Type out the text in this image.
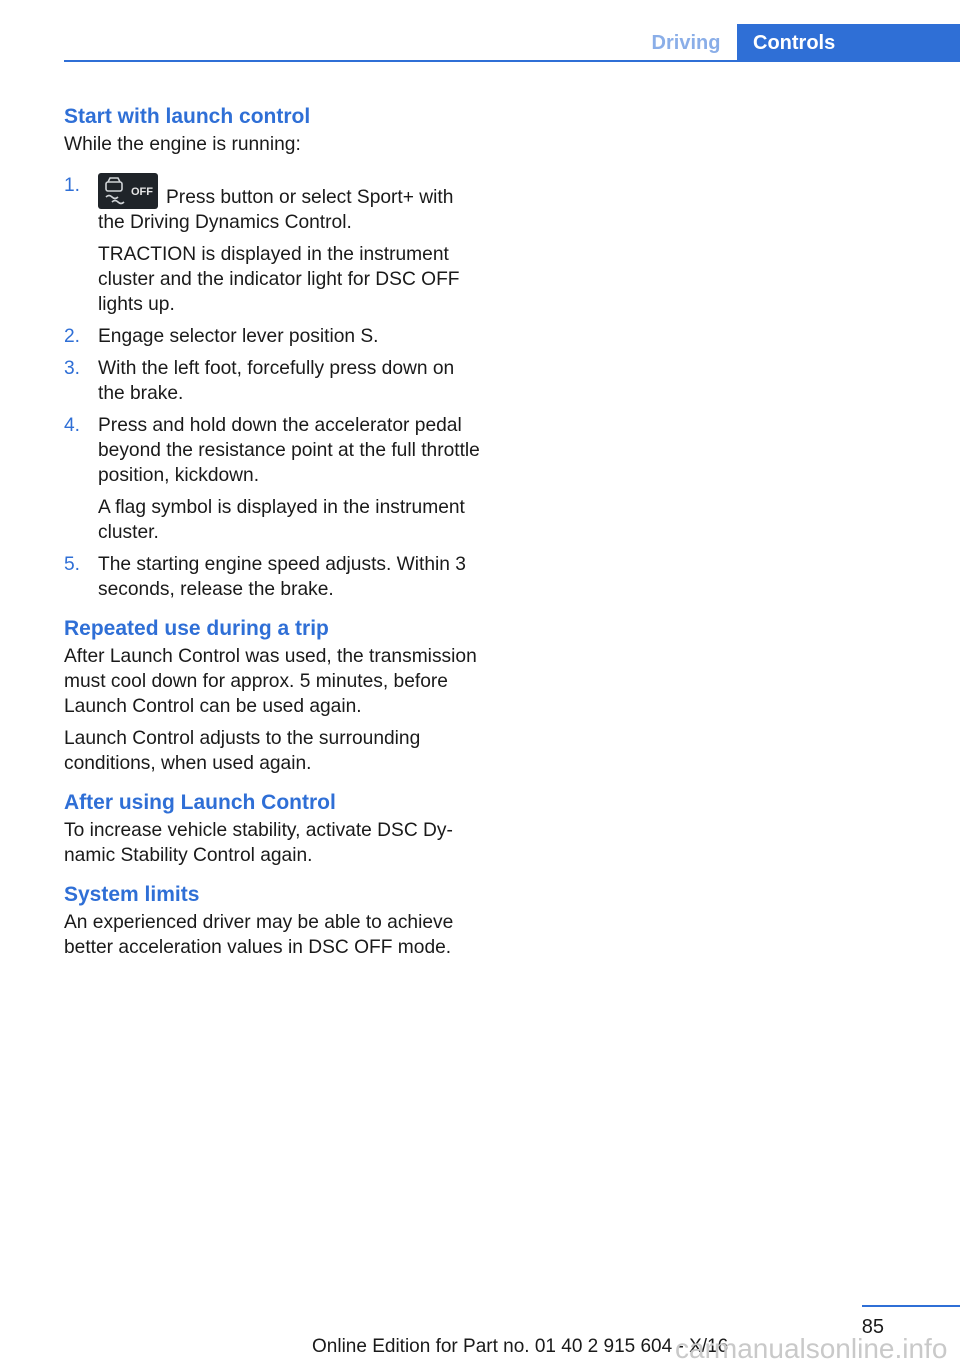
Driving	Controls
Start with launch control

While the engine is running:

1.	OFF Press button or select Sport+ with the Driving Dynamics Control.
TRACTION is displayed in the instrument cluster and the indicator light for DSC OFF lights up.
2. Engage selector lever position S.
3. With the left foot, forcefully press down on the brake.
4. Press and hold down the accelerator pedal beyond the resistance point at the full throttle position, kickdown.
A flag symbol is displayed in the instrument cluster.
5. The starting engine speed adjusts. Within 3 seconds, release the brake.
Repeated use during a trip

After Launch Control was used, the transmission must cool down for approx. 5 minutes, before Launch Control can be used again.

Launch Control adjusts to the surrounding conditions, when used again.

After using Launch Control

To increase vehicle stability, activate DSC Dynamic Stability Control again.

System limits

An experienced driver may be able to achieve better acceleration values in DSC OFF mode.

85
Online Edition for Part no. 01 40 2 915 604 - X/16
carmanualsonline.info
